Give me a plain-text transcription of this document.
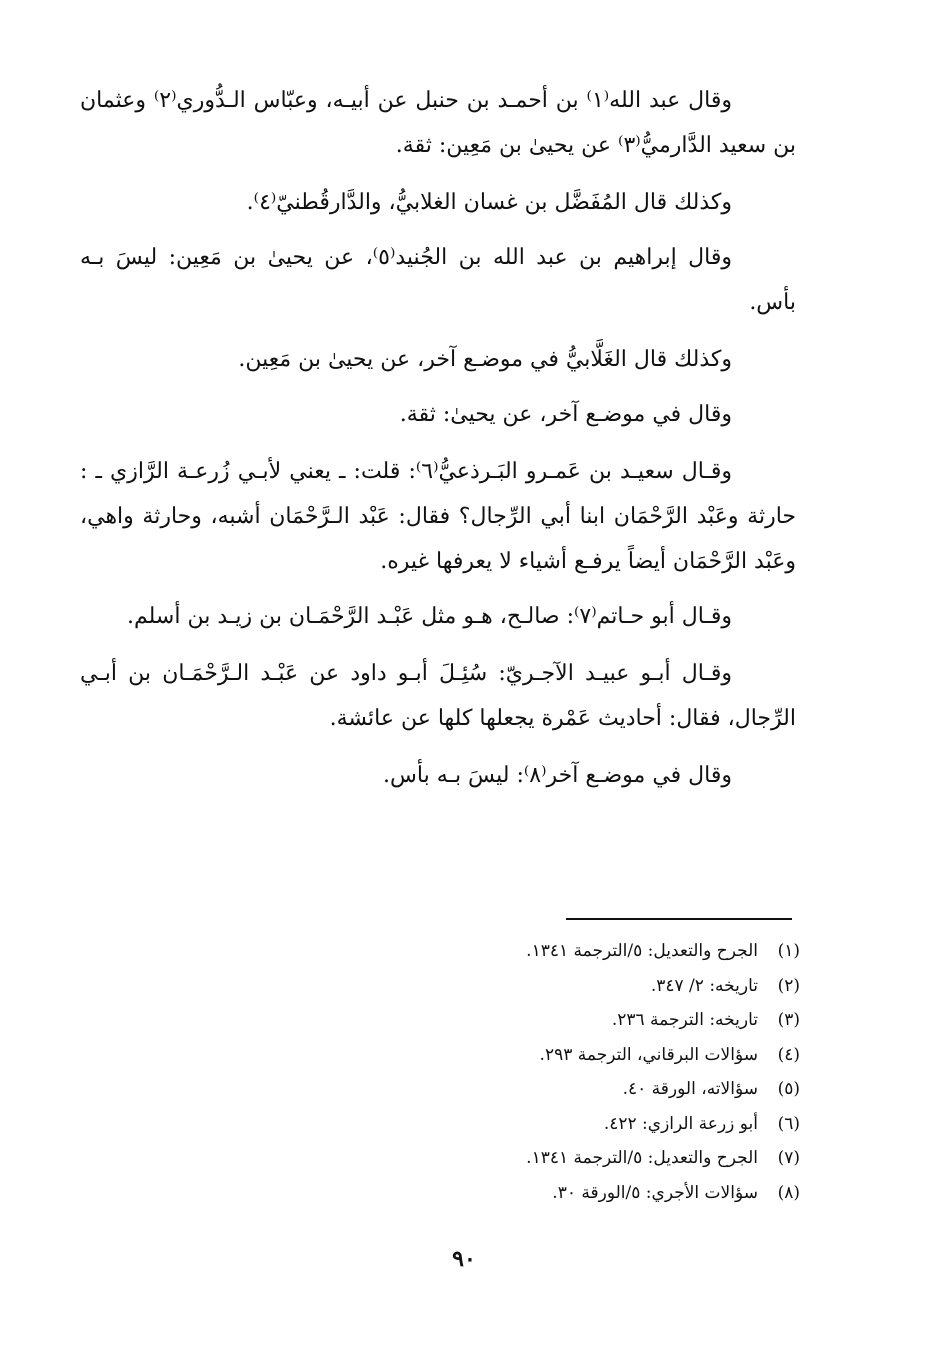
وقال عبد الله⁽١⁾ بن أحمـد بن حنبل عن أبيـه، وعبّاس الـدُّوري⁽٢⁾ وعثمان بن سعيد الدَّارميُّ⁽٣⁾ عن يحيىٰ بن مَعِين: ثقة.

وكذلك قال المُفَضَّل بن غسان الغلابيُّ، والدَّارقُطنيّ⁽٤⁾.

وقال إبراهيم بن عبد الله بن الجُنيد⁽٥⁾، عن يحيىٰ بن مَعِين: ليسَ بـه بأس.

وكذلك قال الغَلَّابيُّ في موضـع آخر، عن يحيىٰ بن مَعِين.

وقال في موضـع آخر، عن يحيىٰ: ثقة.

وقـال سعيـد بن عَمـرو البَـرذعيُّ⁽٦⁾: قلت: ـ يعني لأبـي زُرعـة الرَّازي ـ : حارثة وعَبْد الرَّحْمَان ابنا أبي الرِّجال؟ فقال: عَبْد الـرَّحْمَان أشبه، وحارثة واهي، وعَبْد الرَّحْمَان أيضاً يرفـع أشياء لا يعرفها غيره.

وقـال أبو حـاتم⁽٧⁾: صالـح، هـو مثل عَبْـد الرَّحْمَـان بن زيـد بن أسلم.

وقـال أبـو عبيـد الآجـريّ: سُئِـلَ أبـو داود عن عَبْـد الـرَّحْمَـان بن أبـي الرِّجال، فقال: أحاديث عَمْرة يجعلها كلها عن عائشة.

وقال في موضـع آخر⁽٨⁾: ليسَ بـه بأس.

(١)
الجرح والتعديل: ٥/الترجمة ١٣٤١.
(٢)
تاريخه: ٢/ ٣٤٧.
(٣)
تاريخه: الترجمة ٢٣٦.
(٤)
سؤالات البرقاني، الترجمة ٢٩٣.
(٥)
سؤالاته، الورقة ٤٠.
(٦)
أبو زرعة الرازي: ٤٢٢.
(٧)
الجرح والتعديل: ٥/الترجمة ١٣٤١.
(٨)
سؤالات الأجري: ٥/الورقة ٣٠.
٩٠
